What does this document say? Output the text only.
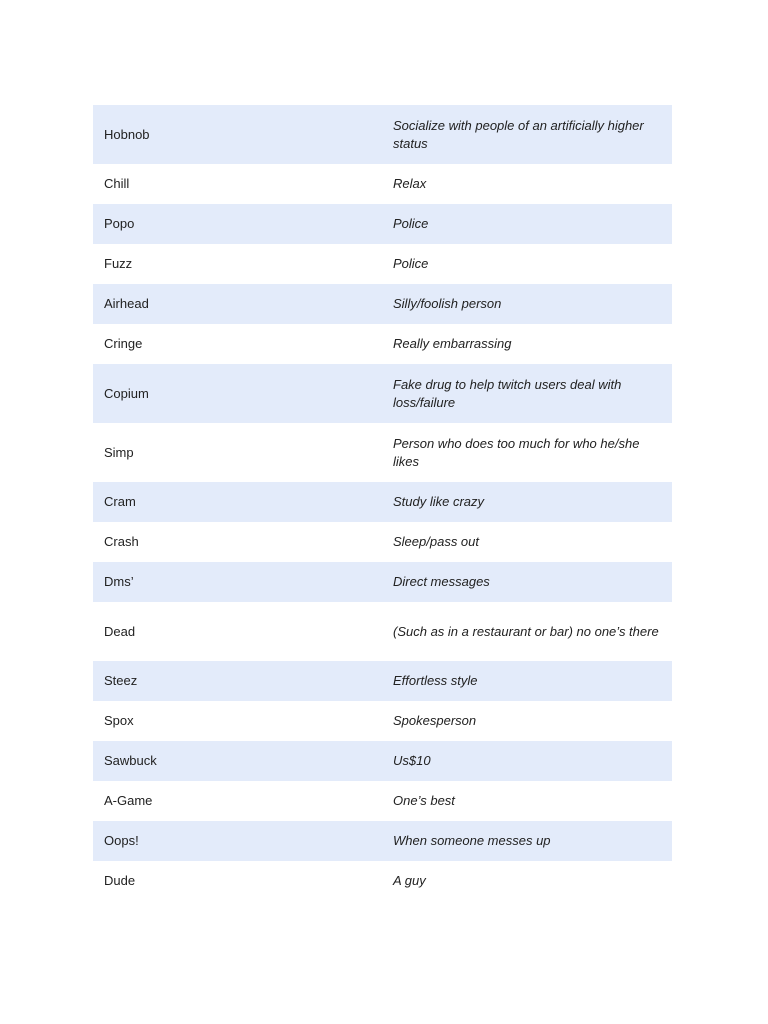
Hobnob	Socialize with people of an artificially higher status
Chill	Relax
Popo	Police
Fuzz	Police
Airhead	Silly/foolish person
Cringe	Really embarrassing
Copium	Fake drug to help twitch users deal with loss/failure
Simp	Person who does too much for who he/she likes
Cram	Study like crazy
Crash	Sleep/pass out
Dms’	Direct messages
Dead	(Such as in a restaurant or bar) no one’s there
Steez	Effortless style
Spox	Spokesperson
Sawbuck	Us$10
A-Game	One’s best
Oops!	When someone messes up
Dude	A guy
